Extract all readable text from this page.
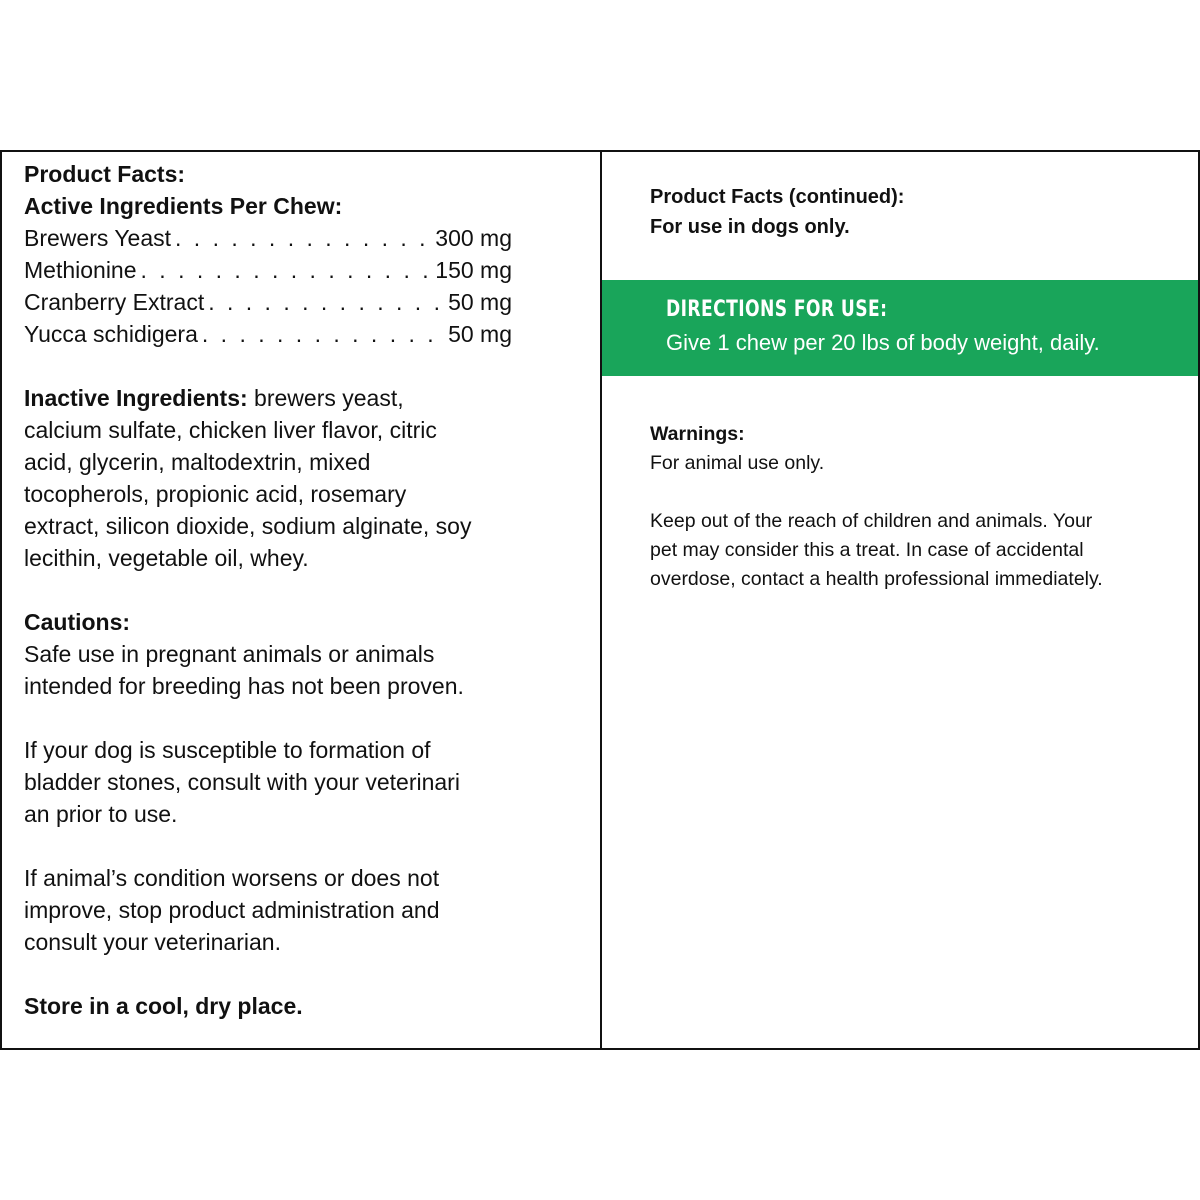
Product Facts:
Active Ingredients Per Chew:
Brewers Yeast . . .	300 mg
Methionine . . .	150 mg
Cranberry Extract . . .	50 mg
Yucca schidigera . . .	50 mg
Inactive Ingredients: brewers yeast,
calcium sulfate, chicken liver flavor, citric
acid, glycerin, maltodextrin, mixed
tocopherols, propionic acid, rosemary
extract, silicon dioxide, sodium alginate, soy
lecithin, vegetable oil, whey.
Cautions:
Safe use in pregnant animals or animals
intended for breeding has not been proven.
If your dog is susceptible to formation of
bladder stones, consult with your veterinari
an prior to use.
If animal’s condition worsens or does not
improve, stop product administration and
consult your veterinarian.
Store in a cool, dry place.
Product Facts (continued):
For use in dogs only.
DIRECTIONS FOR USE:
Give 1 chew per 20 lbs of body weight, daily.
Warnings:
For animal use only.
Keep out of the reach of children and animals. Your
pet may consider this a treat. In case of accidental
overdose, contact a health professional immediately.
